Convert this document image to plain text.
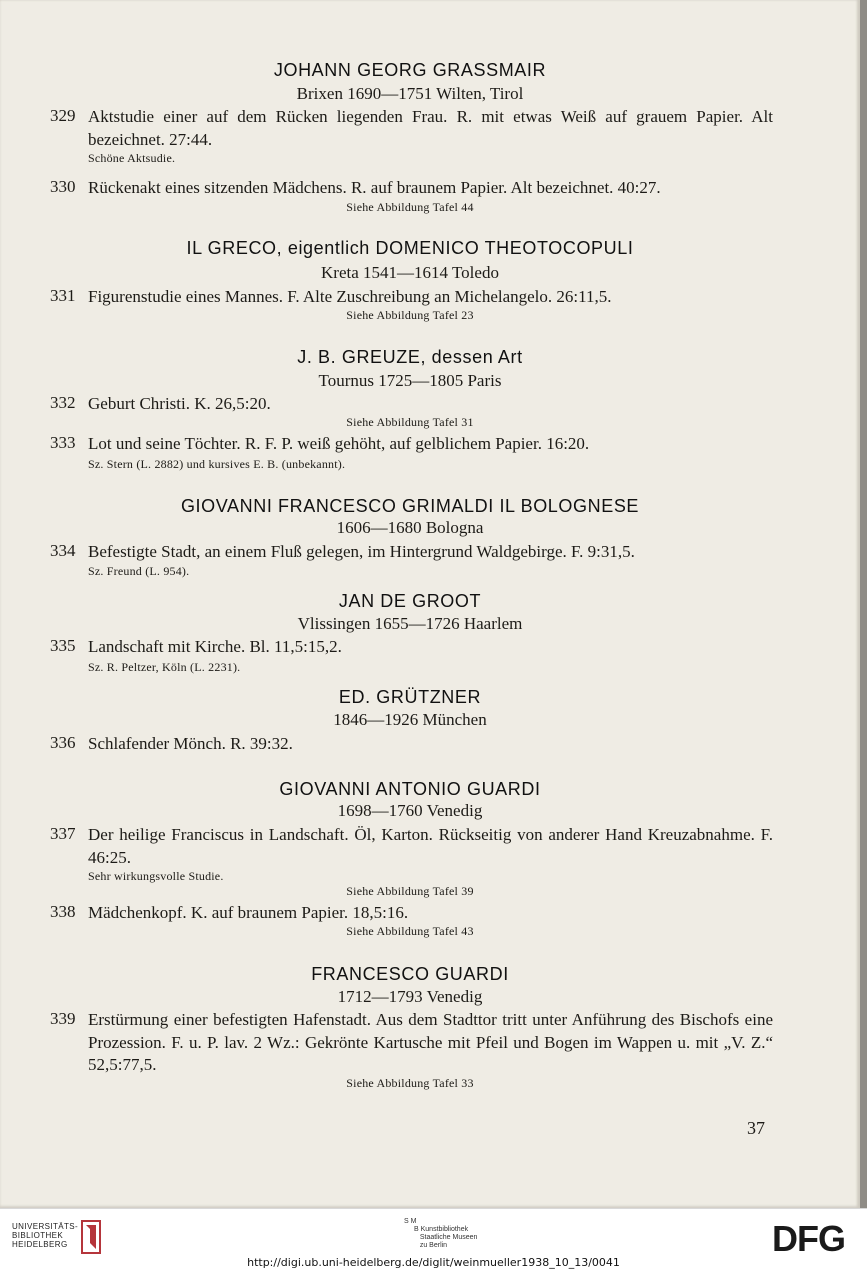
JOHANN GEORG GRASSMAIR
Brixen 1690—1751 Wilten, Tirol
329 Aktstudie einer auf dem Rücken liegenden Frau. R. mit etwas Weiß auf grauem Papier. Alt bezeichnet. 27:44.
Schöne Aktsudie.
330 Rückenakt eines sitzenden Mädchens. R. auf braunem Papier. Alt bezeichnet. 40:27.
Siehe Abbildung Tafel 44
IL GRECO, eigentlich DOMENICO THEOTOCOPULI
Kreta 1541—1614 Toledo
331 Figurenstudie eines Mannes. F. Alte Zuschreibung an Michelangelo. 26:11,5.
Siehe Abbildung Tafel 23
J. B. GREUZE, dessen Art
Tournus 1725—1805 Paris
332 Geburt Christi. K. 26,5:20.
Siehe Abbildung Tafel 31
333 Lot und seine Töchter. R. F. P. weiß gehöht, auf gelblichem Papier. 16:20.
Sz. Stern (L. 2882) und kursives E. B. (unbekannt).
GIOVANNI FRANCESCO GRIMALDI IL BOLOGNESE
1606—1680 Bologna
334 Befestigte Stadt, an einem Fluß gelegen, im Hintergrund Waldgebirge. F. 9:31,5.
Sz. Freund (L. 954).
JAN DE GROOT
Vlissingen 1655—1726 Haarlem
335 Landschaft mit Kirche. Bl. 11,5:15,2.
Sz. R. Peltzer, Köln (L. 2231).
ED. GRÜTZNER
1846—1926 München
336 Schlafender Mönch. R. 39:32.
GIOVANNI ANTONIO GUARDI
1698—1760 Venedig
337 Der heilige Franciscus in Landschaft. Öl, Karton. Rückseitig von anderer Hand Kreuzabnahme. F. 46:25.
Sehr wirkungsvolle Studie.
Siehe Abbildung Tafel 39
338 Mädchenkopf. K. auf braunem Papier. 18,5:16.
Siehe Abbildung Tafel 43
FRANCESCO GUARDI
1712—1793 Venedig
339 Erstürmung einer befestigten Hafenstadt. Aus dem Stadttor tritt unter Anführung des Bischofs eine Prozession. F. u. P. lav. 2 Wz.: Gekrönte Kartusche mit Pfeil und Bogen im Wappen u. mit „V. Z.“ 52,5:77,5.
Siehe Abbildung Tafel 33
37
UNIVERSITÄTS-
BIBLIOTHEK
HEIDELBERG
S M
B Kunstbibliothek
Staatliche Museen
zu Berlin	DFG
http://digi.ub.uni-heidelberg.de/diglit/weinmueller1938_10_13/0041
